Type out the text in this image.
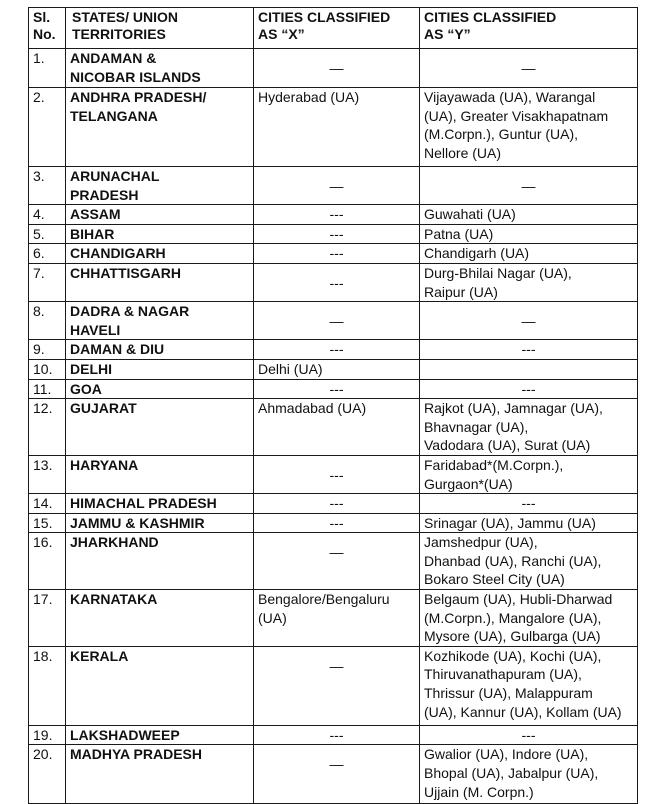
Sl.
No.	STATES/ UNION
TERRITORIES	CITIES CLASSIFIED
AS “X”	CITIES CLASSIFIED
AS “Y”

1.	ANDAMAN &
NICOBAR ISLANDS	—	—

2.	ANDHRA PRADESH/
TELANGANA	Hyderabad (UA)	Vijayawada (UA), Warangal
(UA), Greater Visakhapatnam
(M.Corpn.), Guntur (UA),
Nellore (UA)

3.	ARUNACHAL
PRADESH	—	—

4.	ASSAM	---	Guwahati (UA)

5.	BIHAR	---	Patna (UA)

6.	CHANDIGARH	---	Chandigarh (UA)

7.	CHHATTISGARH	---	Durg-Bhilai Nagar (UA),
Raipur (UA)

8.	DADRA & NAGAR
HAVELI	—	—

9.	DAMAN & DIU	---	---

10.	DELHI	Delhi (UA)	

11.	GOA	---	---

12.	GUJARAT	Ahmadabad (UA)	Rajkot (UA), Jamnagar (UA),
Bhavnagar (UA),
Vadodara (UA), Surat (UA)

13.	HARYANA	---	Faridabad*(M.Corpn.),
Gurgaon*(UA)

14.	HIMACHAL PRADESH	---	---

15.	JAMMU & KASHMIR	---	Srinagar (UA), Jammu (UA)

16.	JHARKHAND	—	Jamshedpur (UA),
Dhanbad (UA), Ranchi (UA),
Bokaro Steel City (UA)

17.	KARNATAKA	Bengalore/Bengaluru
(UA)	Belgaum (UA), Hubli-Dharwad
(M.Corpn.), Mangalore (UA),
Mysore (UA), Gulbarga (UA)

18.	KERALA	—	Kozhikode (UA), Kochi (UA),
Thiruvanathapuram (UA),
Thrissur (UA), Malappuram
(UA), Kannur (UA), Kollam (UA)

19.	LAKSHADWEEP	---	---

20.	MADHYA PRADESH	—	Gwalior (UA), Indore (UA),
Bhopal (UA), Jabalpur (UA),
Ujjain (M. Corpn.)
